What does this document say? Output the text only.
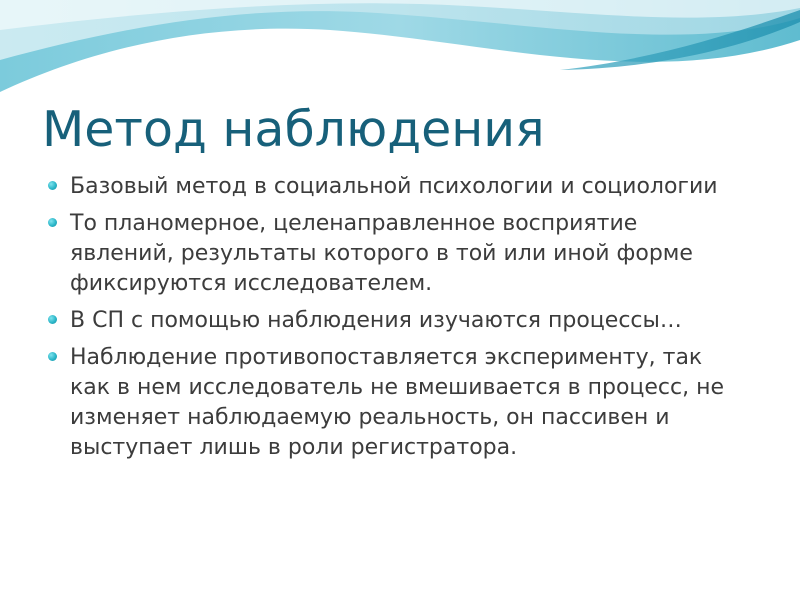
Метод наблюдения
Базовый метод в социальной психологии и социологии
То планомерное, целенаправленное восприятие явлений, результаты которого в той или иной форме фиксируются исследователем.
В СП с помощью наблюдения изучаются процессы…
Наблюдение противопоставляется эксперименту, так как в нем исследователь не вмешивается в процесс, не изменяет наблюдаемую реальность, он пассивен и выступает лишь в роли регистратора.
